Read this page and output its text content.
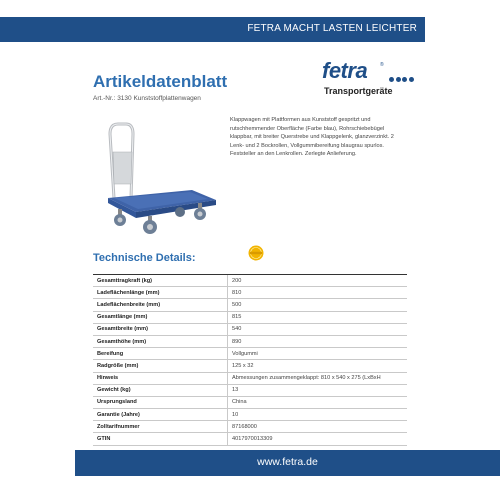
FETRA MACHT LASTEN LEICHTER
Artikeldatenblatt
Art.-Nr.: 3130 Kunststoffplattenwagen
fetra	®
Transportgeräte
Klappwagen mit Plattformen aus Kunststoff gespritzt und rutschhemmender Oberfläche (Farbe blau), Rohrschiebebügel klappbar, mit breiter Querstrebe und Klappgelenk, glanzverzinkt. 2 Lenk- und 2 Bockrollen, Vollgummibereifung blaugrau spurlos. Feststeller an den Lenkrollen. Zerlegte Anlieferung.
Technische Details:
Gesamttragkraft (kg)	200
Ladeflächenlänge (mm)	810
Ladeflächenbreite (mm)	500
Gesamtlänge (mm)	815
Gesamtbreite (mm)	540
Gesamthöhe (mm)	890
Bereifung	Vollgummi
Radgröße (mm)	125 x 32
Hinweis	Abmessungen zusammengeklappt: 810 x 540 x 275 (LxBxH
Gewicht (kg)	13
Ursprungsland	China
Garantie (Jahre)	10
Zolltarifnummer	87168000
GTIN	4017970013309
www.fetra.de
